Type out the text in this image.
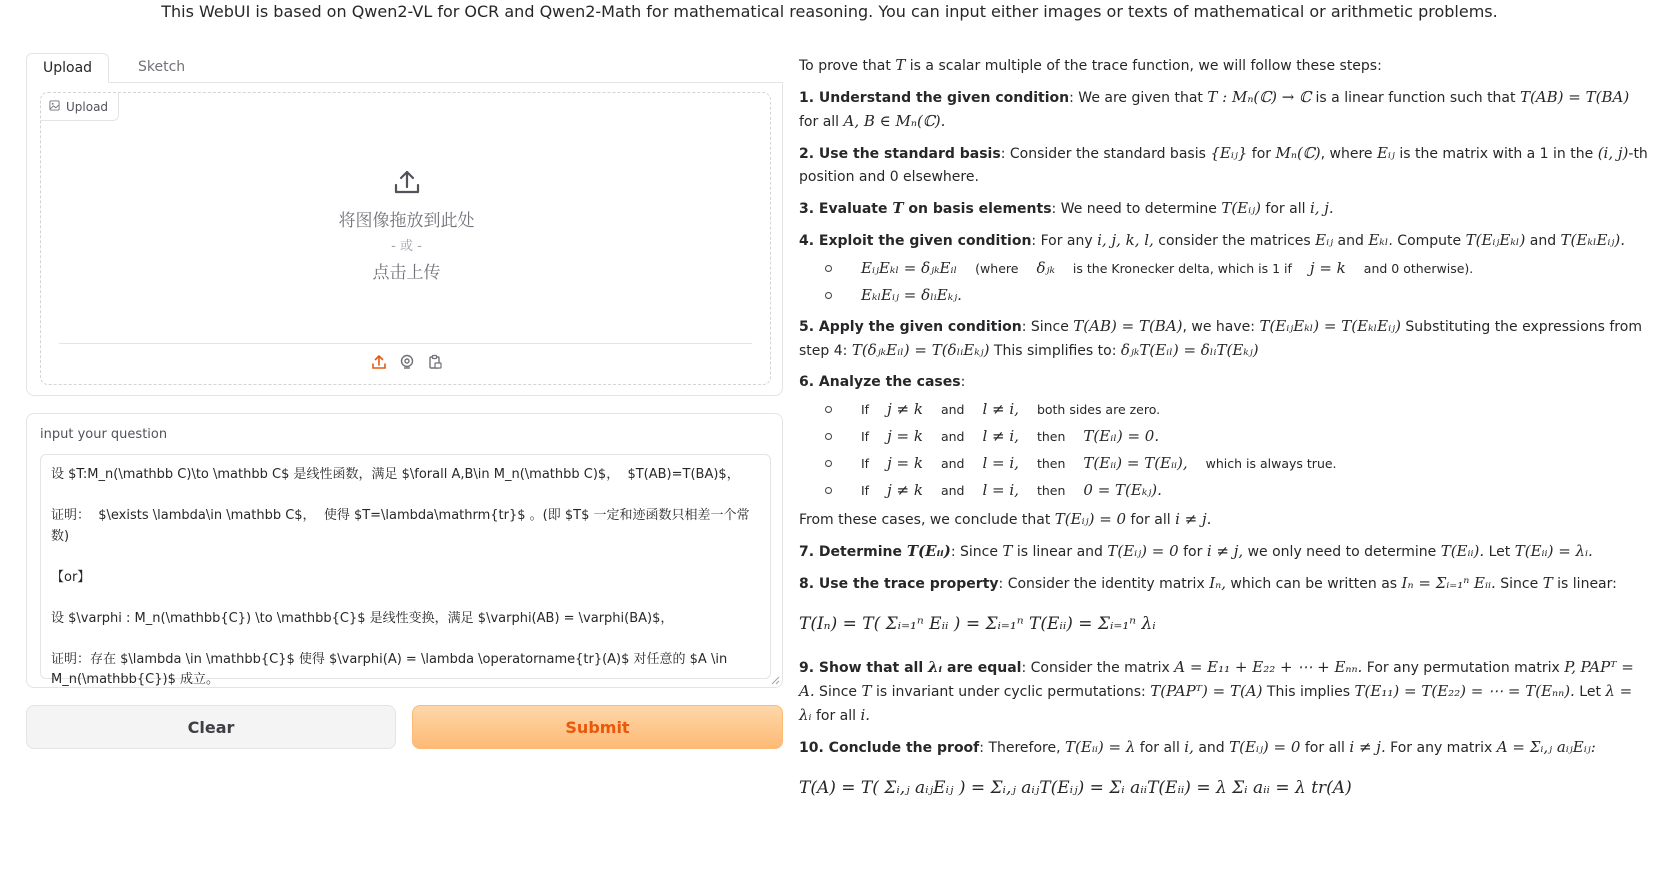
This WebUI is based on Qwen2-VL for OCR and Qwen2-Math for mathematical reasoning. You can input either images or texts of mathematical or arithmetic problems.
Upload	Sketch
Upload
将图像拖放到此处
- 或 -
点击上传
input your question
设 $T:M_n(\mathbb C)\to \mathbb C$ 是线性函数，满足 $\forall A,B\in M_n(\mathbb C)$，  $T(AB)=T(BA)$，

证明：  $\exists \lambda\in \mathbb C$，  使得 $T=\lambda\mathrm{tr}$ 。(即 $T$ 一定和迹函数只相差一个常数)

【or】

设 $\varphi : M_n(\mathbb{C}) \to \mathbb{C}$ 是线性变换，满足 $\varphi(AB) = \varphi(BA)$，

证明：存在 $\lambda \in \mathbb{C}$ 使得 $\varphi(A) = \lambda \operatorname{tr}(A)$ 对任意的 $A \in M_n(\mathbb{C})$ 成立。
Clear	Submit
To prove that T is a scalar multiple of the trace function, we will follow these steps:
1. Understand the given condition: We are given that T : Mₙ(ℂ) → ℂ is a linear function such that T(AB) = T(BA) for all A, B ∈ Mₙ(ℂ).
2. Use the standard basis: Consider the standard basis {Eᵢⱼ} for Mₙ(ℂ), where Eᵢⱼ is the matrix with a 1 in the (i, j)-th position and 0 elsewhere.
3. Evaluate T on basis elements: We need to determine T(Eᵢⱼ) for all i, j.
4. Exploit the given condition: For any i, j, k, l, consider the matrices Eᵢⱼ and Eₖₗ. Compute T(EᵢⱼEₖₗ) and T(EₖₗEᵢⱼ).
EᵢⱼEₖₗ = δⱼₖEᵢₗ(whereδⱼₖis the Kronecker delta, which is 1 ifj = kand 0 otherwise).
EₖₗEᵢⱼ = δₗᵢEₖⱼ.
5. Apply the given condition: Since T(AB) = T(BA), we have: T(EᵢⱼEₖₗ) = T(EₖₗEᵢⱼ) Substituting the expressions from step 4: T(δⱼₖEᵢₗ) = T(δₗᵢEₖⱼ) This simplifies to: δⱼₖT(Eᵢₗ) = δₗᵢT(Eₖⱼ)
6. Analyze the cases:
Ifj ≠ kandl ≠ i,both sides are zero.
Ifj = kandl ≠ i,thenT(Eᵢₗ) = 0.
Ifj = kandl = i,thenT(Eᵢᵢ) = T(Eᵢᵢ),which is always true.
Ifj ≠ kandl = i,then0 = T(Eₖⱼ).
From these cases, we conclude that T(Eᵢⱼ) = 0 for all i ≠ j.
7. Determine T(Eᵢᵢ): Since T is linear and T(Eᵢⱼ) = 0 for i ≠ j, we only need to determine T(Eᵢᵢ). Let T(Eᵢᵢ) = λᵢ.
8. Use the trace property: Consider the identity matrix Iₙ, which can be written as Iₙ = Σᵢ₌₁ⁿ Eᵢᵢ. Since T is linear:
T(Iₙ) = T( Σᵢ₌₁ⁿ Eᵢᵢ ) = Σᵢ₌₁ⁿ T(Eᵢᵢ) = Σᵢ₌₁ⁿ λᵢ
9. Show that all λᵢ are equal: Consider the matrix A = E₁₁ + E₂₂ + ⋯ + Eₙₙ. For any permutation matrix P, PAPᵀ = A. Since T is invariant under cyclic permutations: T(PAPᵀ) = T(A) This implies T(E₁₁) = T(E₂₂) = ⋯ = T(Eₙₙ). Let λ = λᵢ for all i.
10. Conclude the proof: Therefore, T(Eᵢᵢ) = λ for all i, and T(Eᵢⱼ) = 0 for all i ≠ j. For any matrix A = Σᵢ,ⱼ aᵢⱼEᵢⱼ:
T(A) = T( Σᵢ,ⱼ aᵢⱼEᵢⱼ ) = Σᵢ,ⱼ aᵢⱼT(Eᵢⱼ) = Σᵢ aᵢᵢT(Eᵢᵢ) = λ Σᵢ aᵢᵢ = λ tr(A)
